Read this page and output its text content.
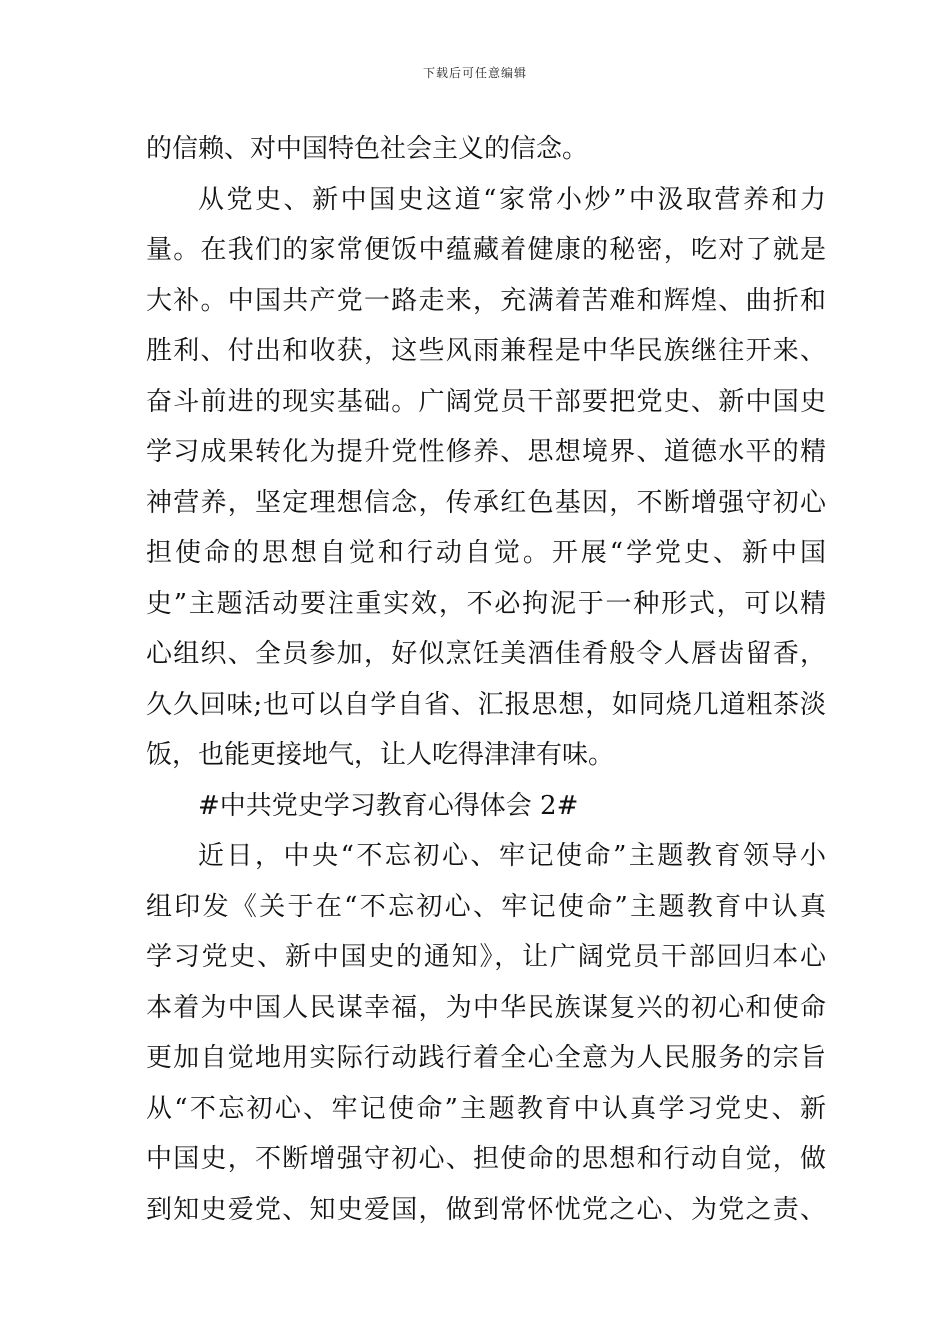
下载后可任意编辑
的信赖、对中国特色社会主义的信念。
从党史、新中国史这道“家常小炒”中汲取营养和力
量。在我们的家常便饭中蕴藏着健康的秘密，吃对了就是
大补。中国共产党一路走来，充满着苦难和辉煌、曲折和
胜利、付出和收获，这些风雨兼程是中华民族继往开来、
奋斗前进的现实基础。广阔党员干部要把党史、新中国史
学习成果转化为提升党性修养、思想境界、道德水平的精
神营养，坚定理想信念，传承红色基因，不断增强守初心
担使命的思想自觉和行动自觉。开展“学党史、新中国
史”主题活动要注重实效，不必拘泥于一种形式，可以精
心组织、全员参加，好似烹饪美酒佳肴般令人唇齿留香，
久久回味;也可以自学自省、汇报思想，如同烧几道粗茶淡
饭，也能更接地气，让人吃得津津有味。
#中共党史学习教育心得体会 2#
近日，中央“不忘初心、牢记使命”主题教育领导小
组印发《关于在“不忘初心、牢记使命”主题教育中认真
学习党史、新中国史的通知》，让广阔党员干部回归本心
本着为中国人民谋幸福，为中华民族谋复兴的初心和使命
更加自觉地用实际行动践行着全心全意为人民服务的宗旨
从“不忘初心、牢记使命”主题教育中认真学习党史、新
中国史，不断增强守初心、担使命的思想和行动自觉，做
到知史爱党、知史爱国，做到常怀忧党之心、为党之责、
